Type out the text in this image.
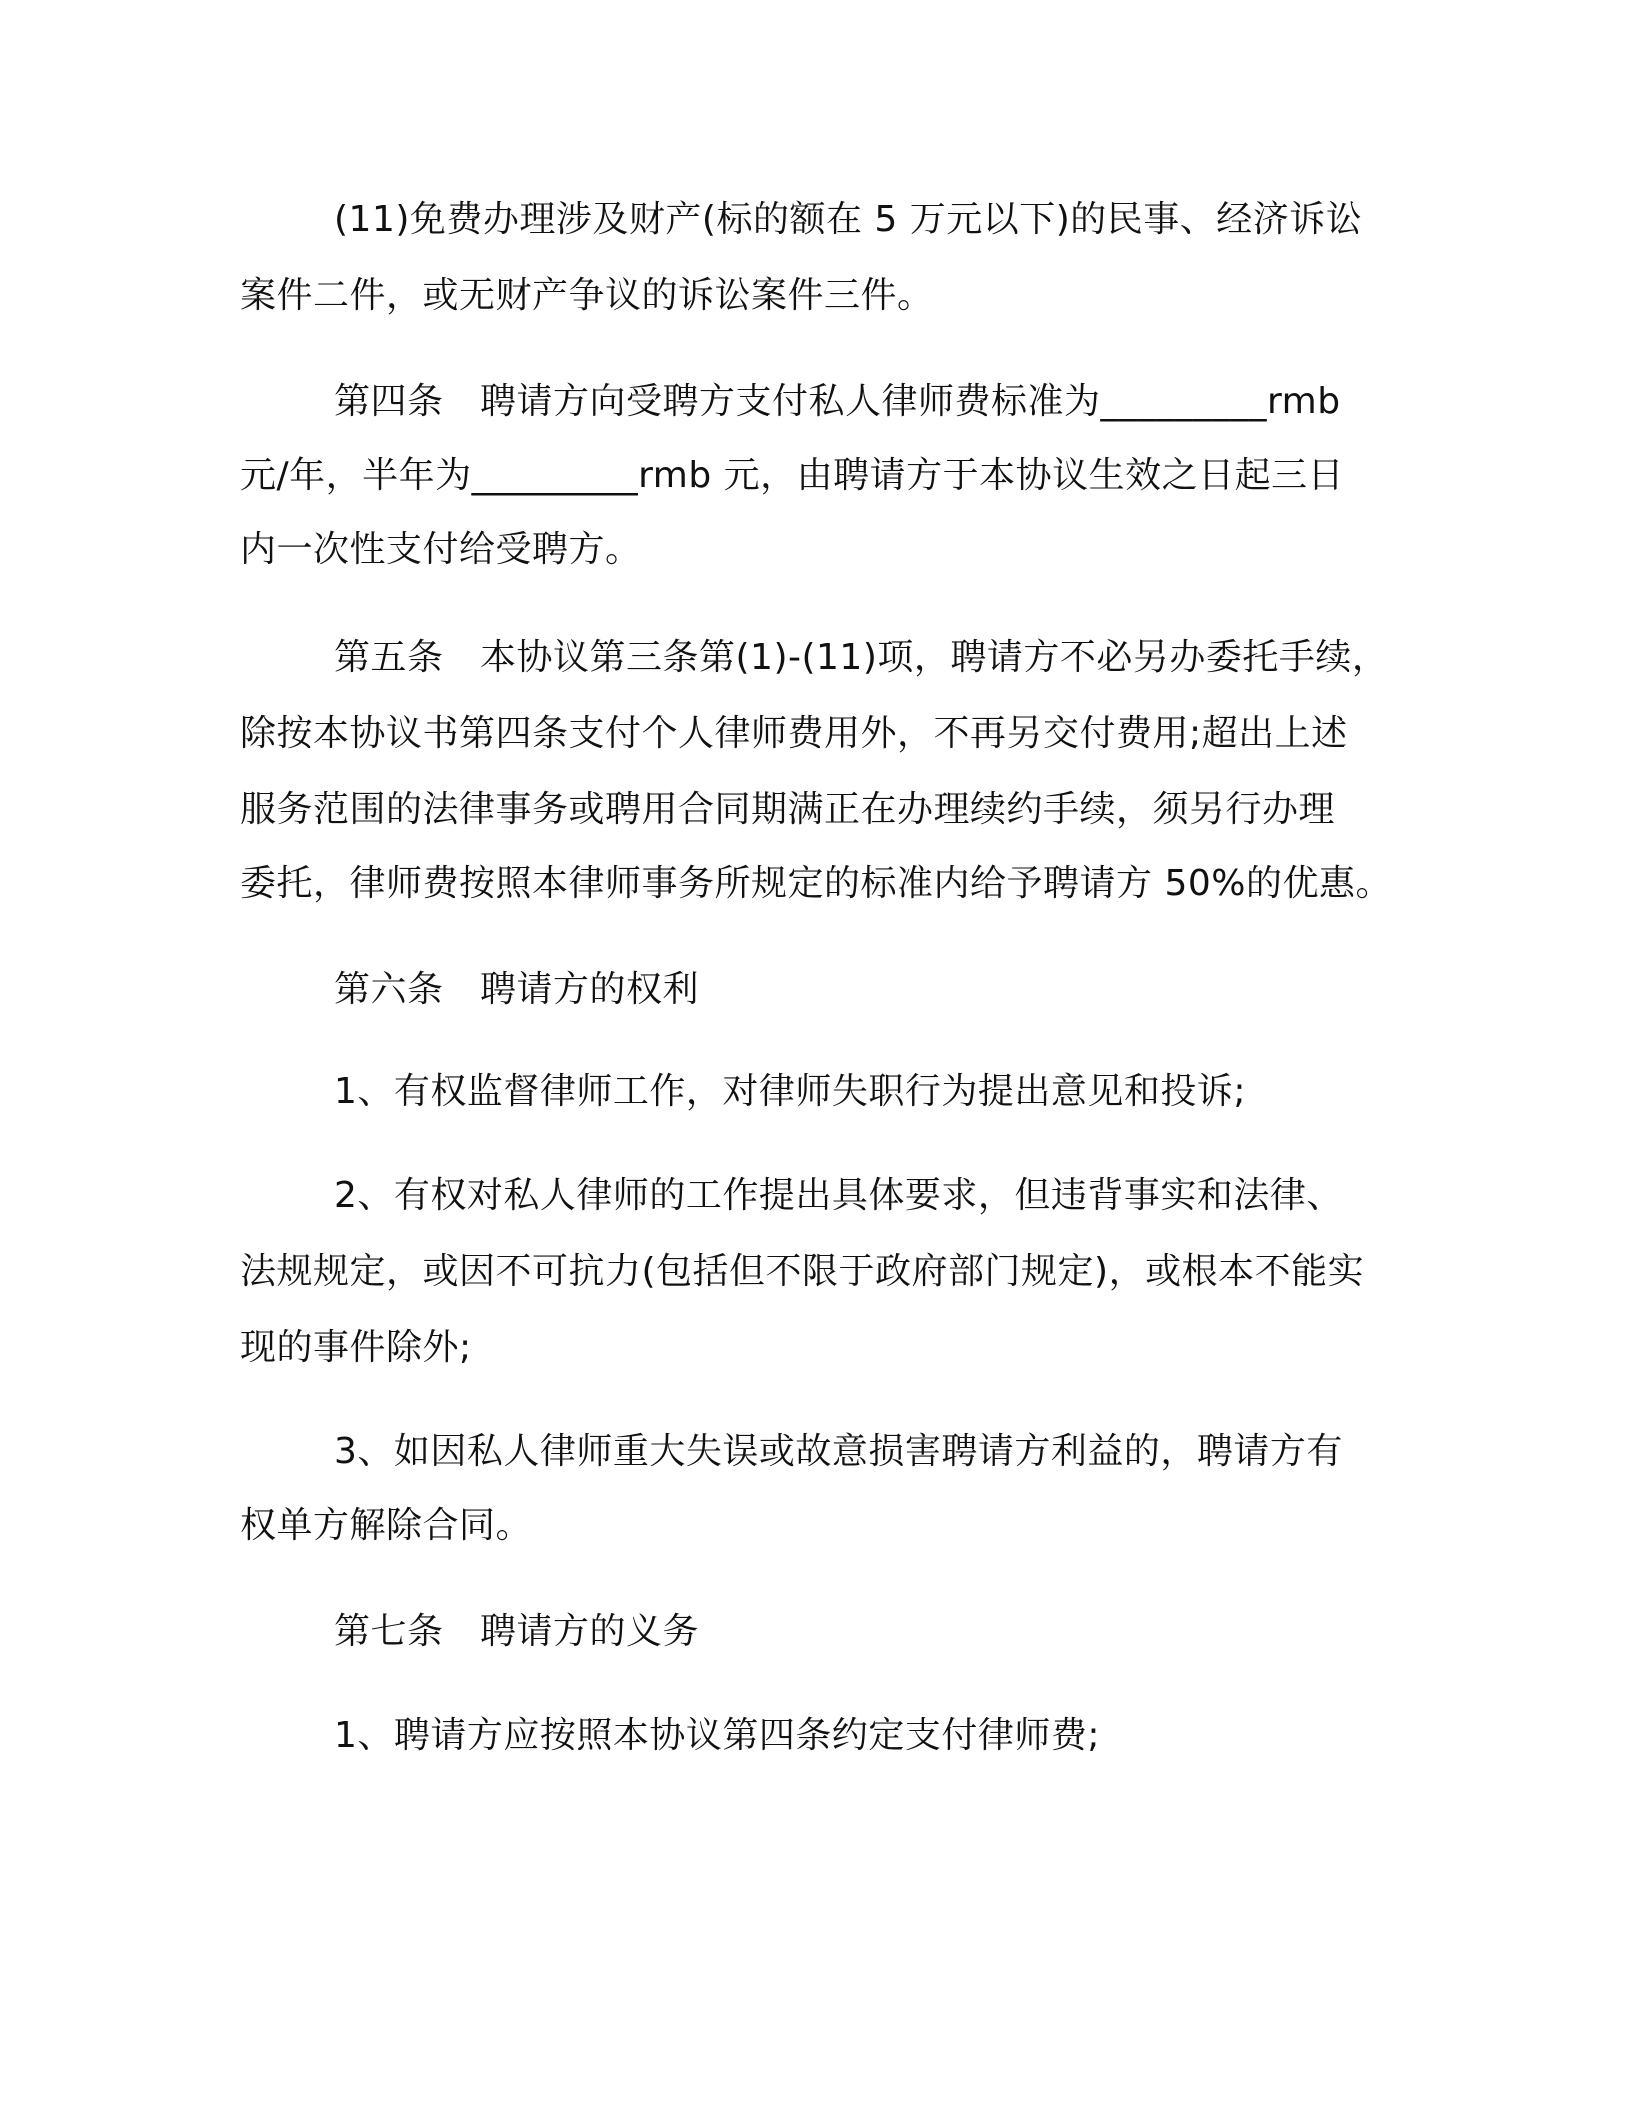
(11)免费办理涉及财产(标的额在 5 万元以下)的民事、经济诉讼
案件二件，或无财产争议的诉讼案件三件。
第四条　聘请方向受聘方支付私人律师费标准为_________rmb
元/年，半年为_________rmb 元，由聘请方于本协议生效之日起三日
内一次性支付给受聘方。
第五条　本协议第三条第(1)-(11)项，聘请方不必另办委托手续，
除按本协议书第四条支付个人律师费用外，不再另交付费用;超出上述
服务范围的法律事务或聘用合同期满正在办理续约手续，须另行办理
委托，律师费按照本律师事务所规定的标准内给予聘请方 50%的优惠。
第六条　聘请方的权利
1、有权监督律师工作，对律师失职行为提出意见和投诉;
2、有权对私人律师的工作提出具体要求，但违背事实和法律、
法规规定，或因不可抗力(包括但不限于政府部门规定)，或根本不能实
现的事件除外;
3、如因私人律师重大失误或故意损害聘请方利益的，聘请方有
权单方解除合同。
第七条　聘请方的义务
1、聘请方应按照本协议第四条约定支付律师费;
